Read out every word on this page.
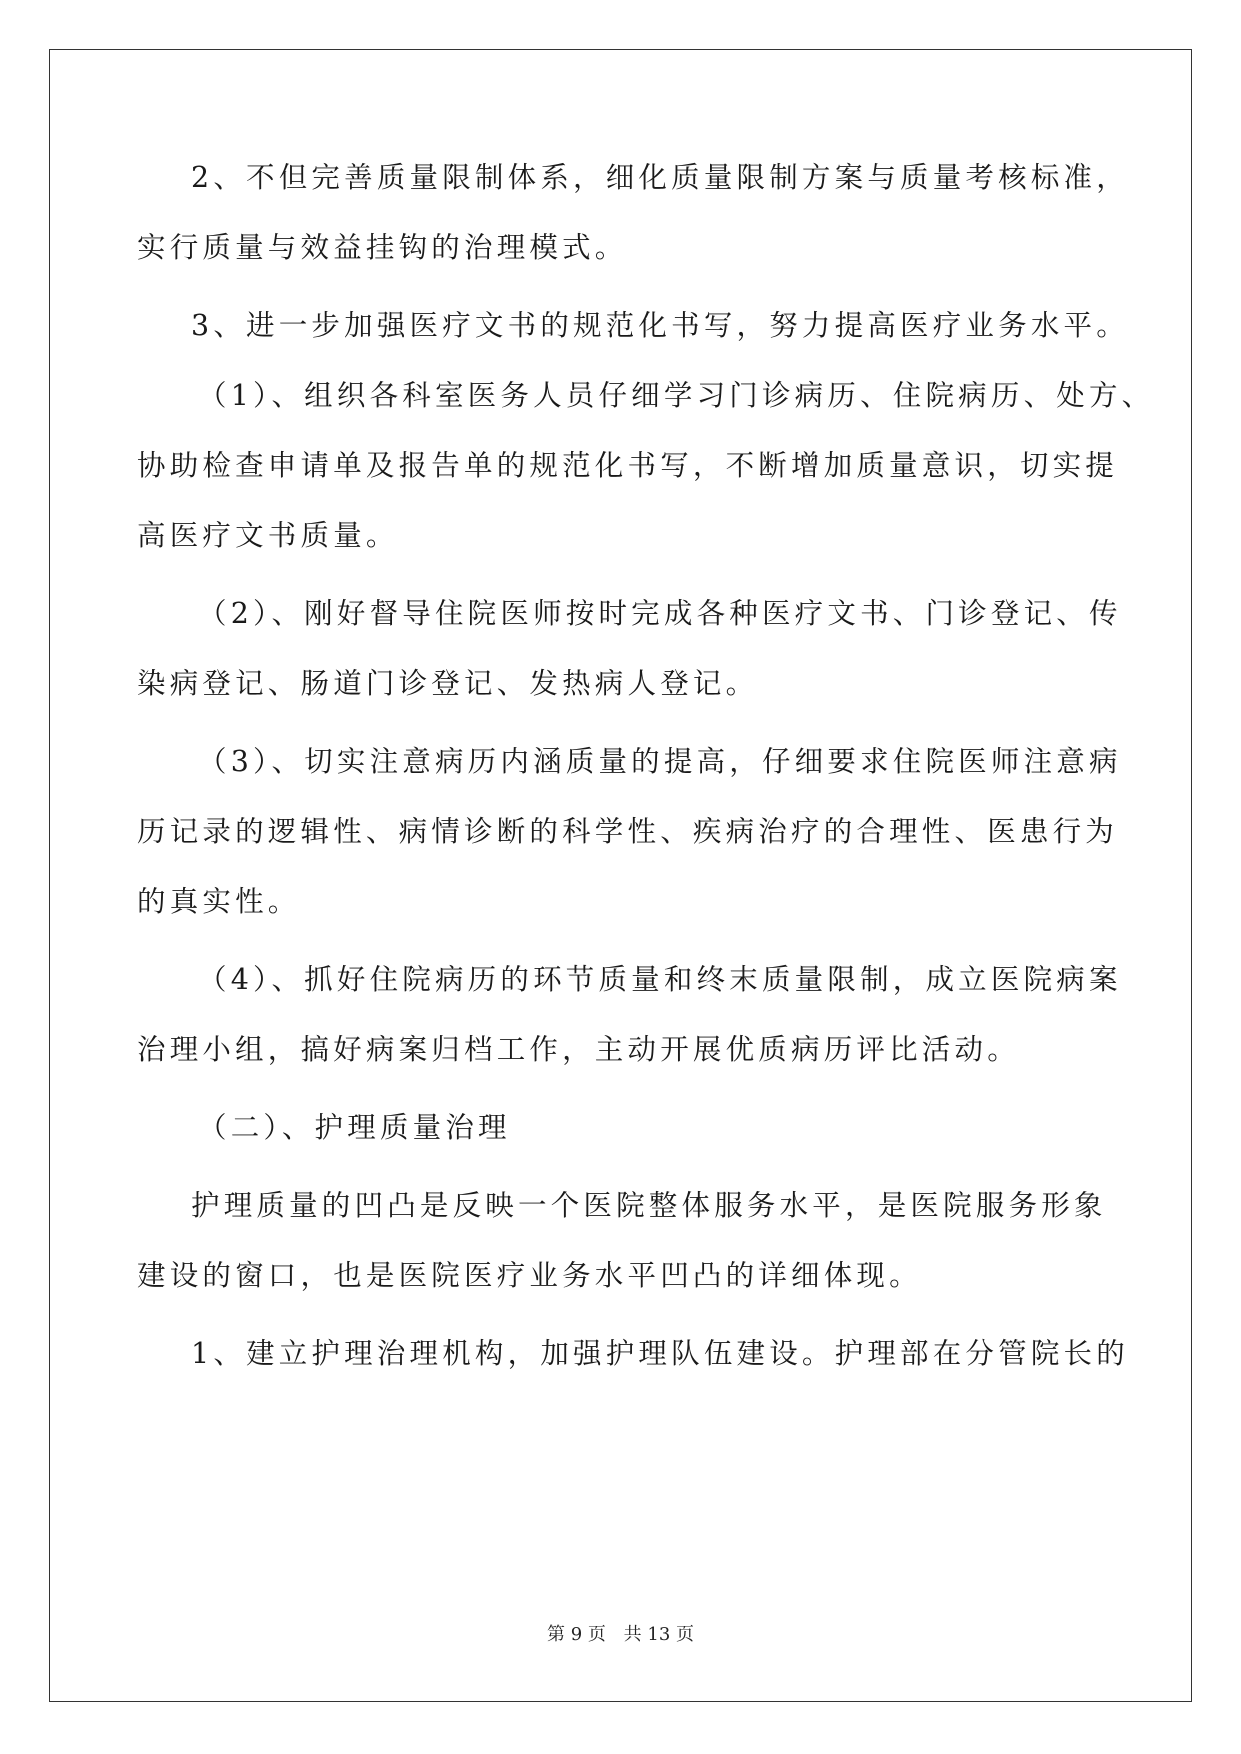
2、不但完善质量限制体系，细化质量限制方案与质量考核标准，
实行质量与效益挂钩的治理模式。
3、进一步加强医疗文书的规范化书写，努力提高医疗业务水平。
（1）、组织各科室医务人员仔细学习门诊病历、住院病历、处方、
协助检查申请单及报告单的规范化书写，不断增加质量意识，切实提
高医疗文书质量。
（2）、刚好督导住院医师按时完成各种医疗文书、门诊登记、传
染病登记、肠道门诊登记、发热病人登记。
（3）、切实注意病历内涵质量的提高，仔细要求住院医师注意病
历记录的逻辑性、病情诊断的科学性、疾病治疗的合理性、医患行为
的真实性。
（4）、抓好住院病历的环节质量和终末质量限制，成立医院病案
治理小组，搞好病案归档工作，主动开展优质病历评比活动。
（二）、护理质量治理
护理质量的凹凸是反映一个医院整体服务水平，是医院服务形象
建设的窗口，也是医院医疗业务水平凹凸的详细体现。
1、建立护理治理机构，加强护理队伍建设。护理部在分管院长的
第 9 页 共 13 页
